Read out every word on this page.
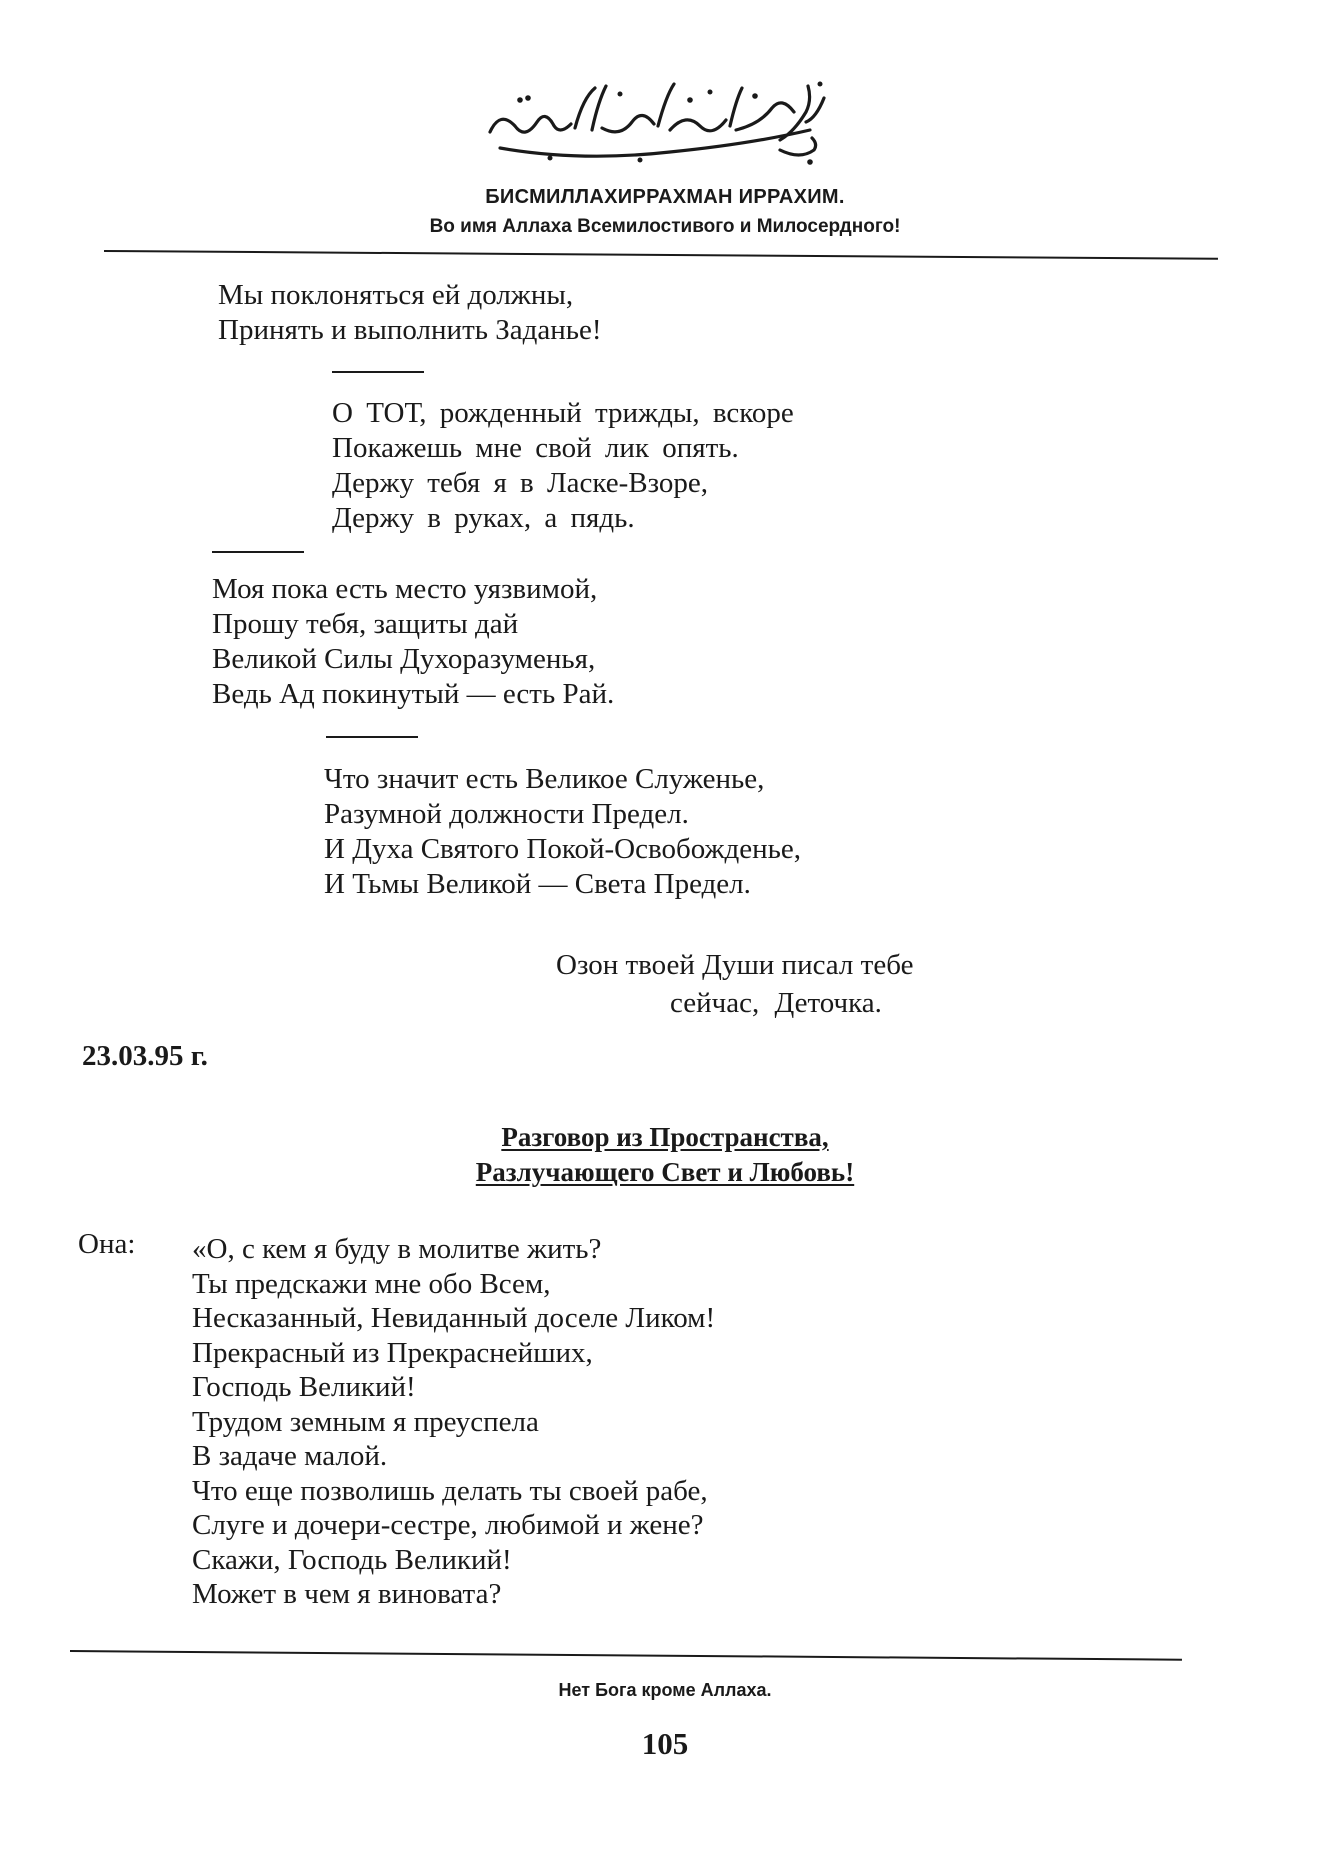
БИСМИЛЛАХИРРАХМАН ИРРАХИМ.
Во имя Аллаха Всемилостивого и Милосердного!
Мы поклоняться ей должны,
Принять и выполнить Заданье!
О ТОТ, рожденный трижды, вскоре
Покажешь мне свой лик опять.
Держу тебя я в Ласке-Взоре,
Держу в руках, а пядь.
Моя пока есть место уязвимой,
Прошу тебя, защиты дай
Великой Силы Духоразуменья,
Ведь Ад покинутый — есть Рай.
Что значит есть Великое Служенье,
Разумной должности Предел.
И Духа Святого Покой-Освобожденье,
И Тьмы Великой — Света Предел.
Озон твоей Души писал тебе
сейчас, Деточка.
23.03.95 г.
Разговор из Пространства,
Разлучающего Свет и Любовь!
Она: «О, с кем я буду в молитве жить?
Ты предскажи мне обо Всем,
Несказанный, Невиданный доселе Ликом!
Прекрасный из Прекраснейших,
Господь Великий!
Трудом земным я преуспела
В задаче малой.
Что еще позволишь делать ты своей рабе,
Слуге и дочери-сестре, любимой и жене?
Скажи, Господь Великий!
Может в чем я виновата?
Нет Бога кроме Аллаха.
105
